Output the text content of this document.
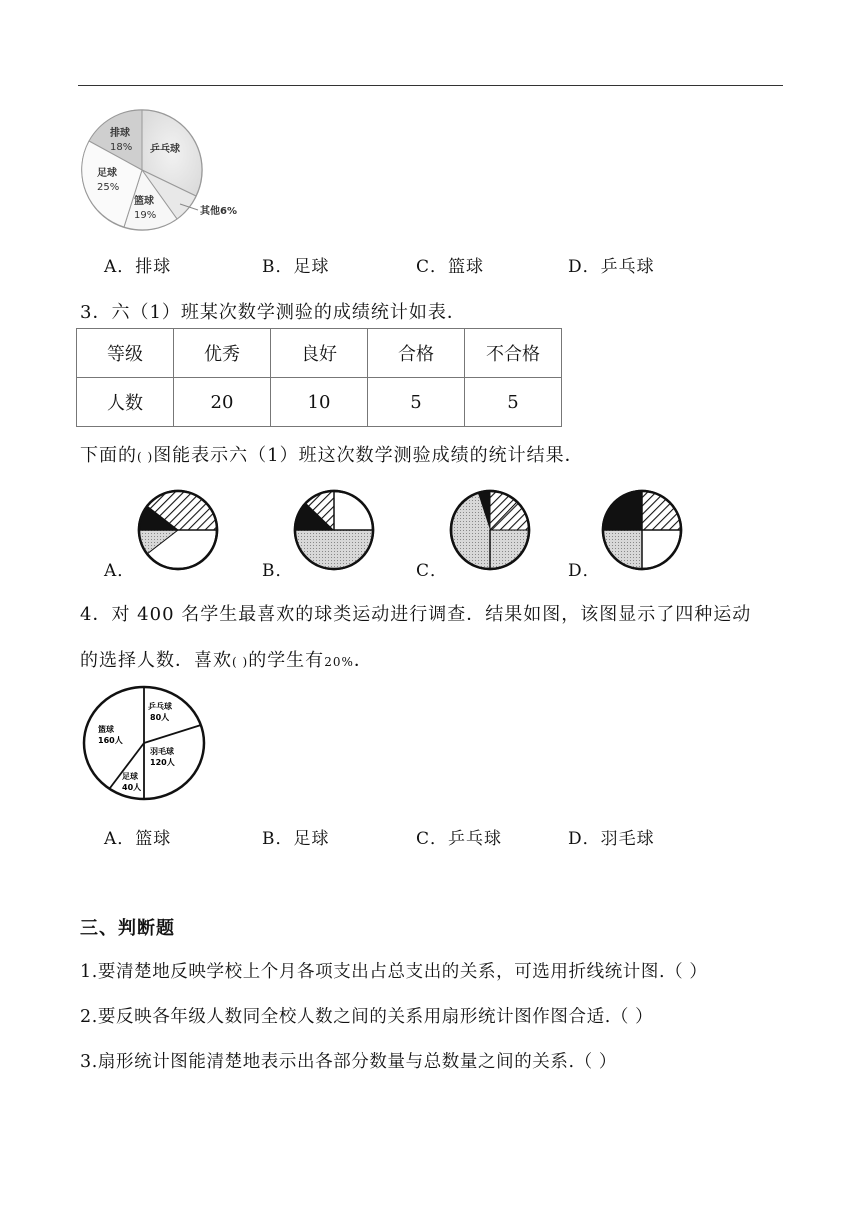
排球
18% 乒乓球
足球
25%
篮球
19%	其他6%
A．排球	B．足球	C．篮球	D．乒乓球
3．六（1）班某次数学测验的成绩统计如表．
等级	优秀	良好	合格	不合格
人数	20	10	5	5
下面的( )图能表示六（1）班这次数学测验成绩的统计结果．
A．	B．	C．	D．
4．对 400 名学生最喜欢的球类运动进行调查．结果如图，该图显示了四种运动
的选择人数．喜欢( )的学生有20%．
乒乓球
80人
羽毛球
120人
足球
40人
篮球
160人
A．篮球	B．足球	C．乒乓球	D．羽毛球
三、判断题
1.要清楚地反映学校上个月各项支出占总支出的关系，可选用折线统计图.（ ）
2.要反映各年级人数同全校人数之间的关系用扇形统计图作图合适.（ ）
3.扇形统计图能清楚地表示出各部分数量与总数量之间的关系.（ ）
